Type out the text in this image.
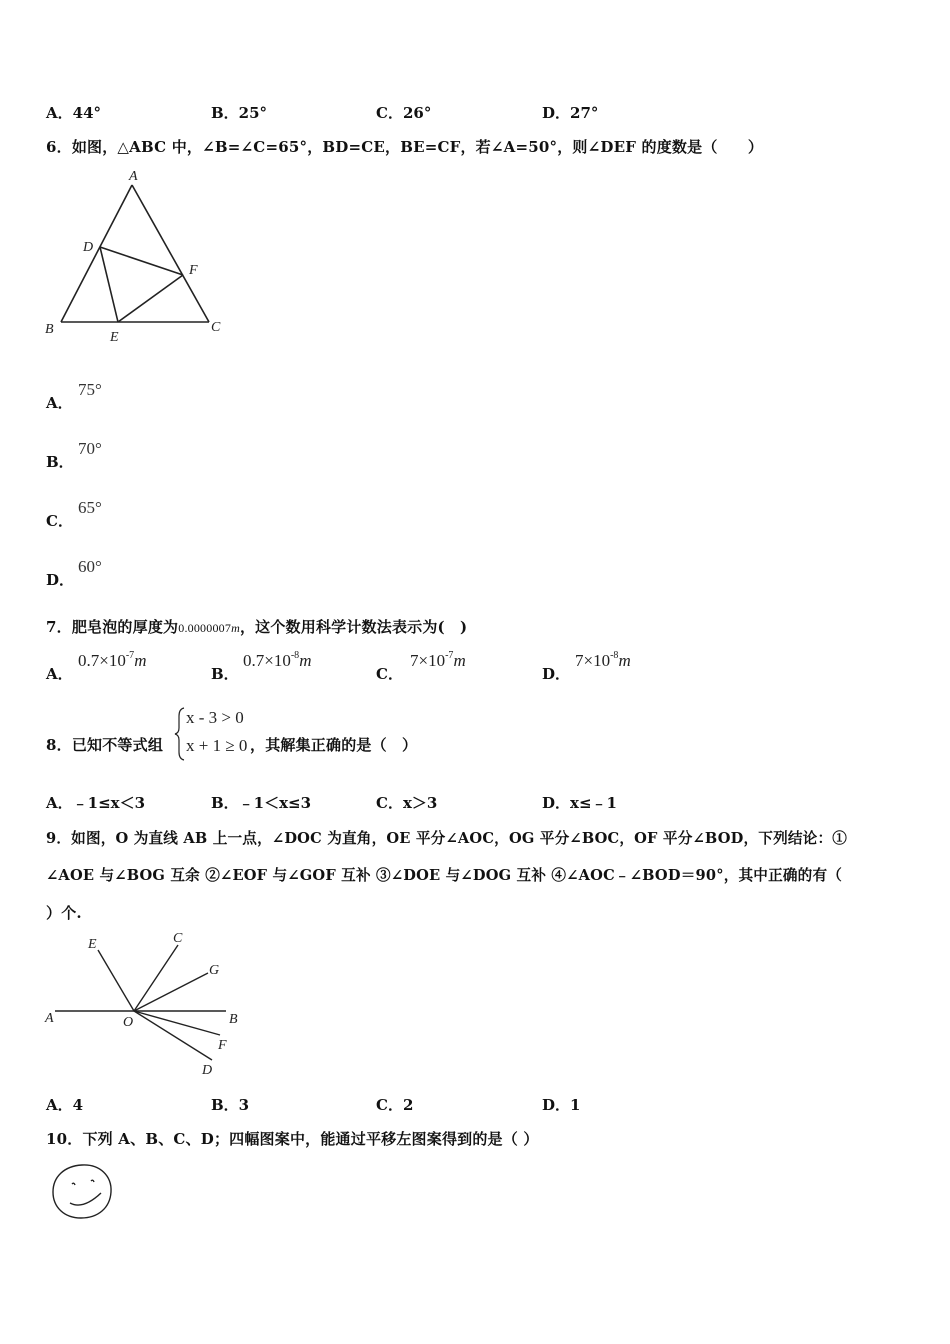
A．44°	B．25°	C．26°	D．27°
6．如图，△ABC 中，∠B=∠C=65°，BD=CE，BE=CF，若∠A=50°，则∠DEF 的度数是（　　）
A
D
F
B
E
C
A．
75°
B．
70°
C．
65°
D．
60°
7．肥皂泡的厚度为0.0000007m，这个数用科学计数法表示为(　)
A．
$0.7\times 10^{-7}m$
B．
$0.7\times 10^{-8}m$
C．
$7\times 10^{-7}m$
D．
$7\times 10^{-8}m$
8．已知不等式组
x - 3 > 0
x + 1 ≥ 0 ，其解集正确的是（　）
A．﹣1≤x＜3	B．﹣1＜x≤3	C．x＞3	D．x≤﹣1
9．如图，O 为直线 AB 上一点，∠DOC 为直角，OE 平分∠AOC，OG 平分∠BOC，OF 平分∠BOD，下列结论：①
∠AOE 与∠BOG 互余 ②∠EOF 与∠GOF 互补 ③∠DOE 与∠DOG 互补 ④∠AOC﹣∠BOD＝90°，其中正确的有（
）个.
E	C
G
A	O	B
F
D
A．4	B．3	C．2	D．1
10．下列 A、B、C、D；四幅图案中，能通过平移左图案得到的是（ ）
